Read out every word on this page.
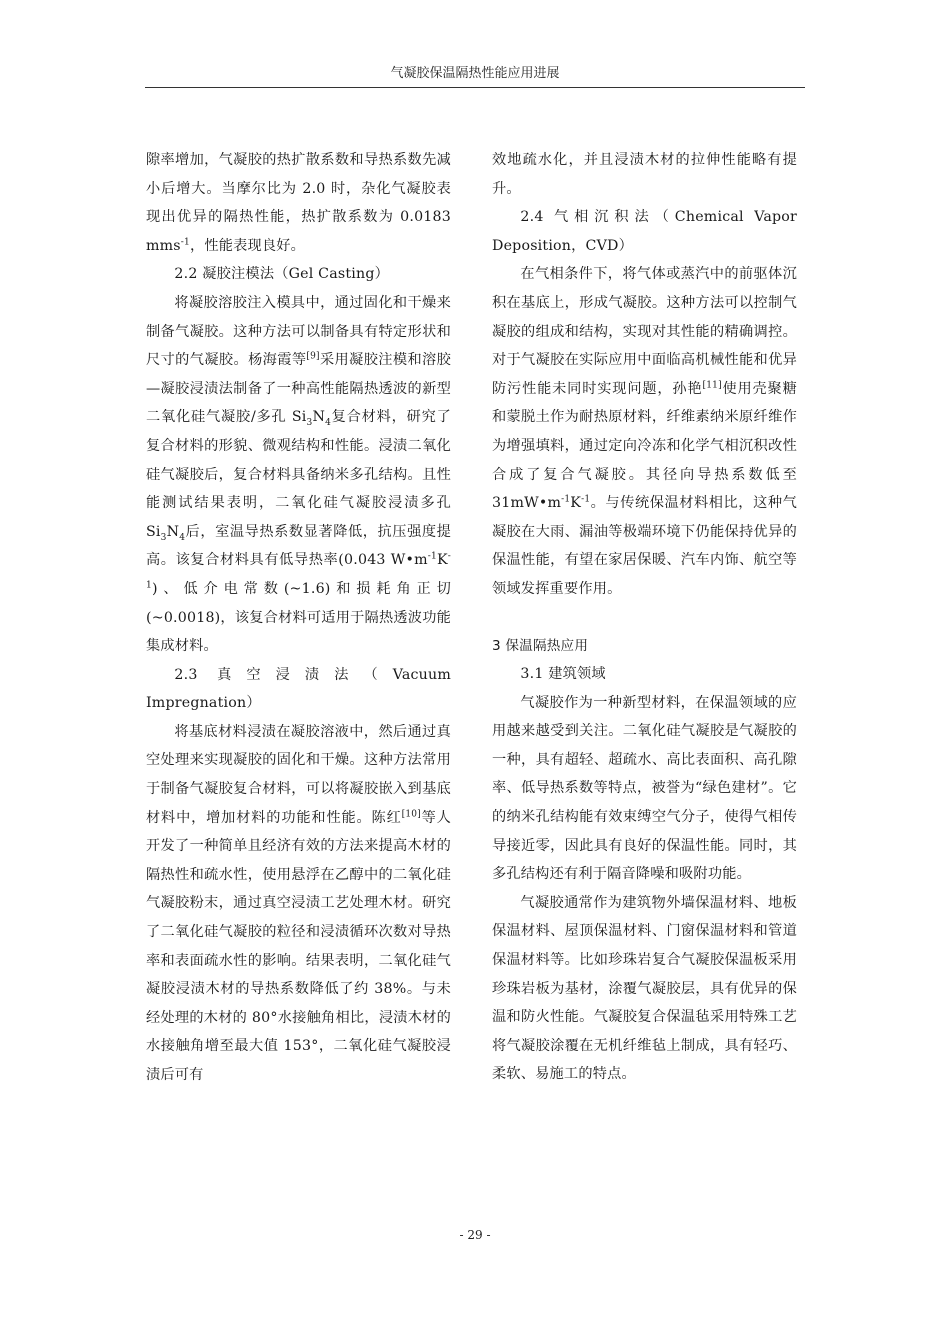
气凝胶保温隔热性能应用进展

隙率增加，气凝胶的热扩散系数和导热系数先减小后增大。当摩尔比为 2.0 时，杂化气凝胶表现出优异的隔热性能，热扩散系数为 0.0183 mms$^{-1}$，性能表现良好。

2.2 凝胶注模法（Gel Casting）

将凝胶溶胶注入模具中，通过固化和干燥来制备气凝胶。这种方法可以制备具有特定形状和尺寸的气凝胶。杨海霞等[9]采用凝胶注模和溶胶—凝胶浸渍法制备了一种高性能隔热透波的新型二氧化硅气凝胶/多孔 $Si_3N_4$复合材料，研究了复合材料的形貌、微观结构和性能。浸渍二氧化硅气凝胶后，复合材料具备纳米多孔结构。且性能测试结果表明，二氧化硅气凝胶浸渍多孔 $Si_3N_4$后，室温导热系数显著降低，抗压强度提高。该复合材料具有低导热率(0.043 $W•m^{-1}K^{-1}$)、低介电常数(~1.6)和损耗角正切 (~0.0018)，该复合材料可适用于隔热透波功能集成材料。

2.3 真空浸渍法（Vacuum Impregnation）

将基底材料浸渍在凝胶溶液中，然后通过真空处理来实现凝胶的固化和干燥。这种方法常用于制备气凝胶复合材料，可以将凝胶嵌入到基底材料中，增加材料的功能和性能。陈红[10]等人开发了一种简单且经济有效的方法来提高木材的隔热性和疏水性，使用悬浮在乙醇中的二氧化硅气凝胶粉末，通过真空浸渍工艺处理木材。研究了二氧化硅气凝胶的粒径和浸渍循环次数对导热率和表面疏水性的影响。结果表明，二氧化硅气凝胶浸渍木材的导热系数降低了约 38%。与未经处理的木材的 80°水接触角相比，浸渍木材的水接触角增至最大值 153°，二氧化硅气凝胶浸渍后可有

效地疏水化，并且浸渍木材的拉伸性能略有提升。

2.4 气相沉积法（Chemical Vapor Deposition，CVD）

在气相条件下，将气体或蒸汽中的前驱体沉积在基底上，形成气凝胶。这种方法可以控制气凝胶的组成和结构，实现对其性能的精确调控。对于气凝胶在实际应用中面临高机械性能和优异防污性能未同时实现问题，孙艳[11]使用壳聚糖和蒙脱土作为耐热原材料，纤维素纳米原纤维作为增强填料，通过定向冷冻和化学气相沉积改性合成了复合气凝胶。其径向导热系数低至 $31mW•m^{-1}K^{-1}$。与传统保温材料相比，这种气凝胶在大雨、漏油等极端环境下仍能保持优异的保温性能，有望在家居保暖、汽车内饰、航空等领域发挥重要作用。

3 保温隔热应用

3.1 建筑领域

气凝胶作为一种新型材料，在保温领域的应用越来越受到关注。二氧化硅气凝胶是气凝胶的一种，具有超轻、超疏水、高比表面积、高孔隙率、低导热系数等特点，被誉为“绿色建材”。它的纳米孔结构能有效束缚空气分子，使得气相传导接近零，因此具有良好的保温性能。同时，其多孔结构还有利于隔音降噪和吸附功能。

气凝胶通常作为建筑物外墙保温材料、地板保温材料、屋顶保温材料、门窗保温材料和管道保温材料等。比如珍珠岩复合气凝胶保温板采用珍珠岩板为基材，涂覆气凝胶层，具有优异的保温和防火性能。气凝胶复合保温毡采用特殊工艺将气凝胶涂覆在无机纤维毡上制成，具有轻巧、柔软、易施工的特点。

- 29 -
